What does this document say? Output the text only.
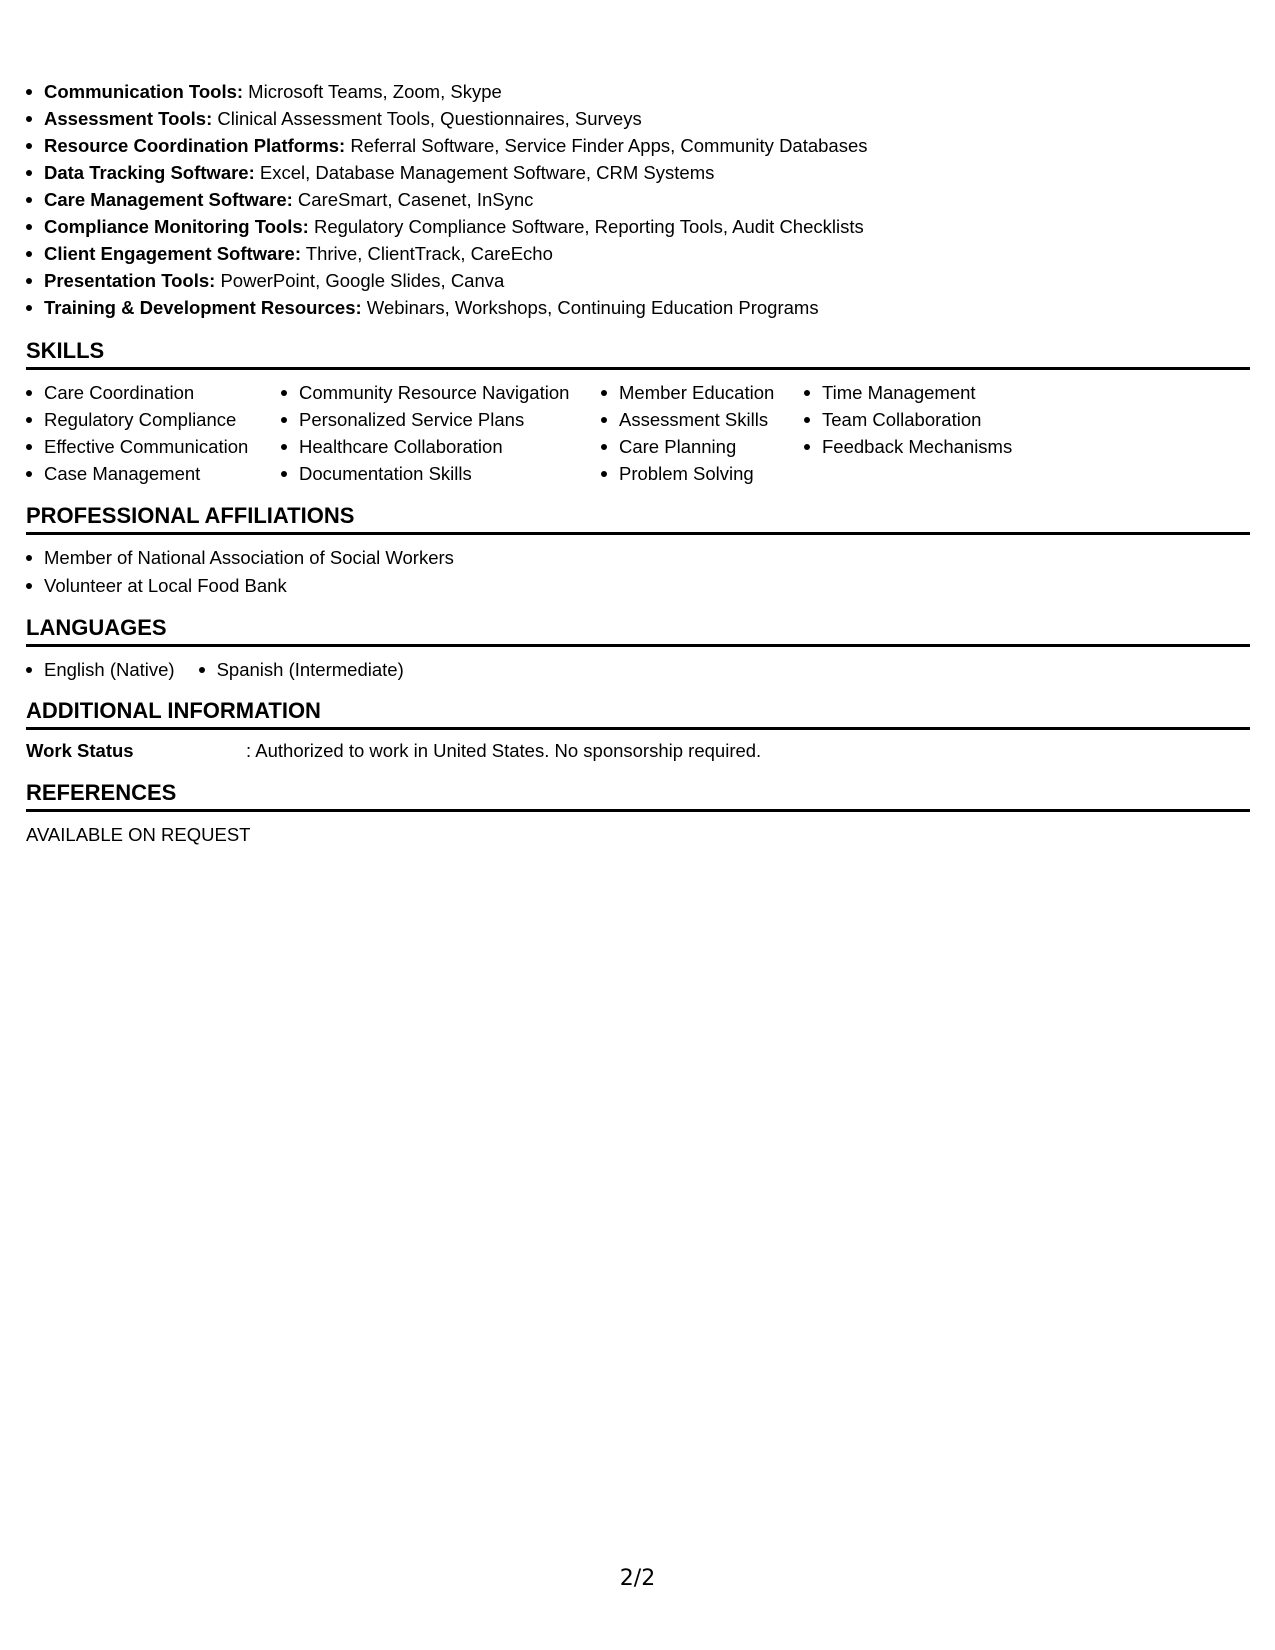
Communication Tools: Microsoft Teams, Zoom, Skype
Assessment Tools: Clinical Assessment Tools, Questionnaires, Surveys
Resource Coordination Platforms: Referral Software, Service Finder Apps, Community Databases
Data Tracking Software: Excel, Database Management Software, CRM Systems
Care Management Software: CareSmart, Casenet, InSync
Compliance Monitoring Tools: Regulatory Compliance Software, Reporting Tools, Audit Checklists
Client Engagement Software: Thrive, ClientTrack, CareEcho
Presentation Tools: PowerPoint, Google Slides, Canva
Training & Development Resources: Webinars, Workshops, Continuing Education Programs
SKILLS
Care Coordination
Regulatory Compliance
Effective Communication
Case Management
Community Resource Navigation
Personalized Service Plans
Healthcare Collaboration
Documentation Skills
Member Education
Assessment Skills
Care Planning
Problem Solving
Time Management
Team Collaboration
Feedback Mechanisms
PROFESSIONAL AFFILIATIONS
Member of National Association of Social Workers
Volunteer at Local Food Bank
LANGUAGES
English (Native)	Spanish (Intermediate)
ADDITIONAL INFORMATION
Work Status	: Authorized to work in United States. No sponsorship required.
REFERENCES
AVAILABLE ON REQUEST
2/2
